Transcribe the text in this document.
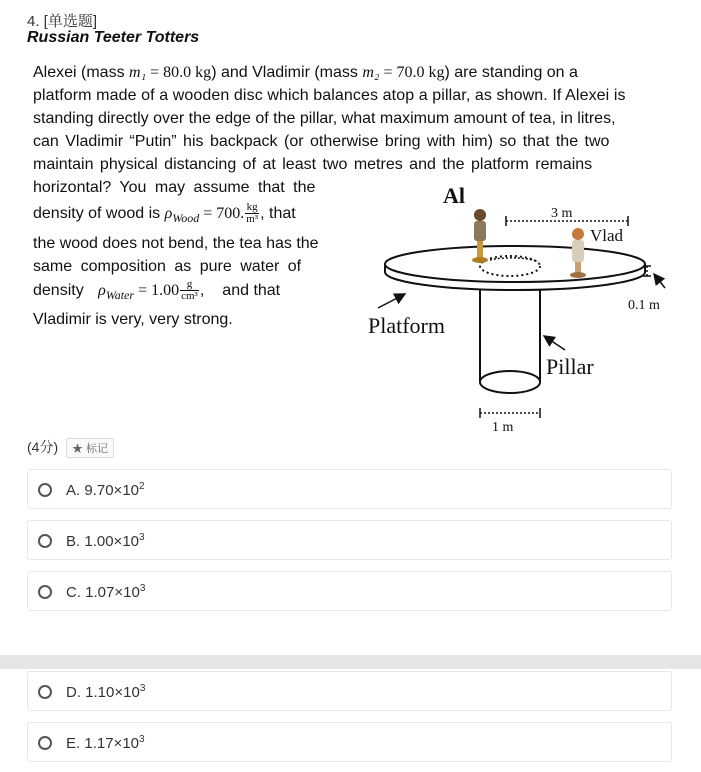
4. [单选题]
Russian Teeter Totters
Alexei (mass m₁ = 80.0 kg) and Vladimir (mass m₂ = 70.0 kg) are standing on a
platform made of a wooden disc which balances atop a pillar, as shown. If Alexei is
standing directly over the edge of the pillar, what maximum amount of tea, in litres,
can Vladimir “Putin” his backpack (or otherwise bring with him) so that the two
maintain physical distancing of at least two metres and the platform remains
horizontal? You may assume that the
density of wood is $\rho_{Wood} = 700$. $\frac{kg}{\text{m³}}$ , that
the wood does not bend, the tea has the
same composition as pure water of
density $\rho_{Water} = 1.00 \frac{g}{\text{cm³}}$ , and that
Vladimir is very, very strong.
Al
Vlad
Platform
Pillar
3 m
0.1 m
1 m
(4分)	★ 标记
A. $9.70\times 10^2$
B. $1.00\times 10^3$
C. $1.07\times 10^3$
D. $1.10\times 10^3$
E. $1.17\times 10^3$
